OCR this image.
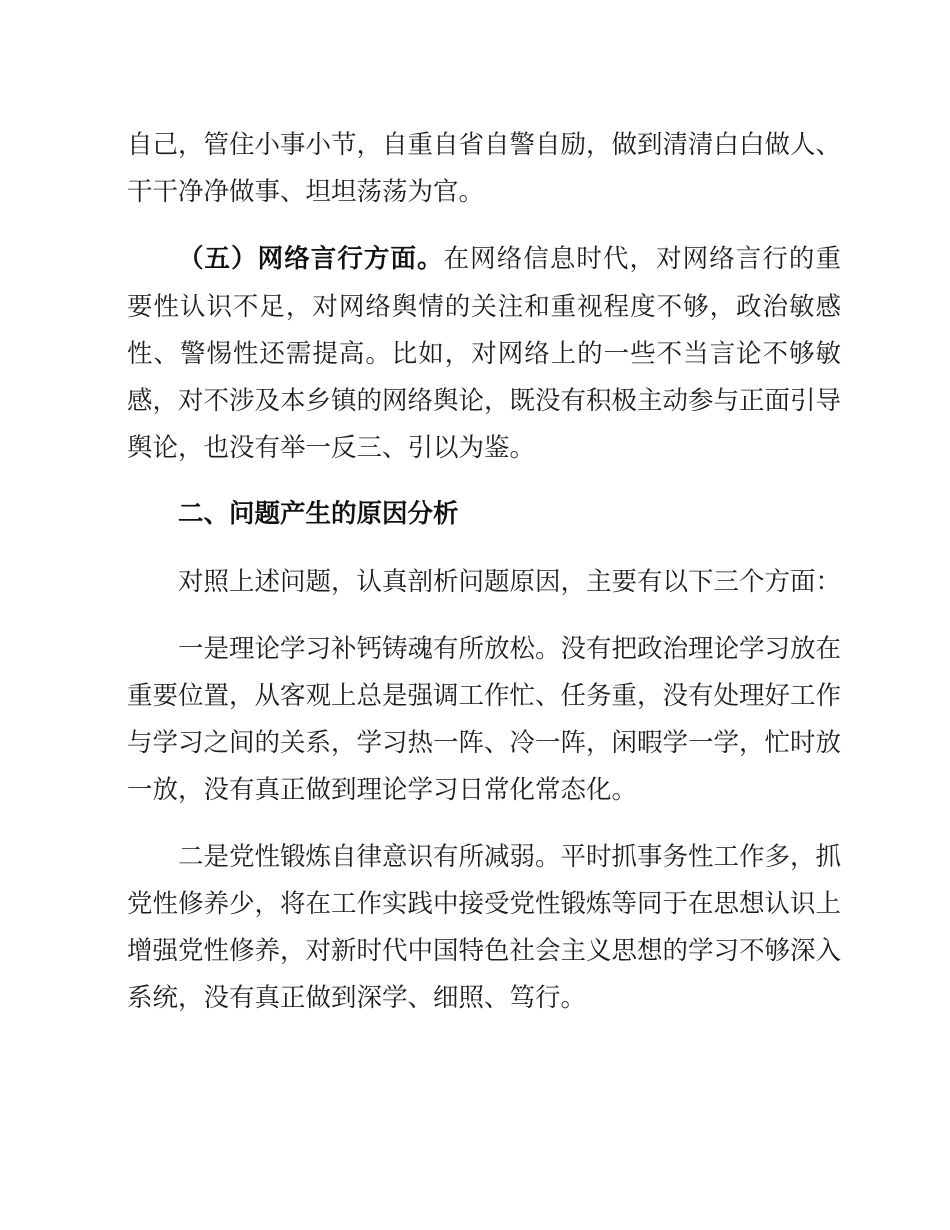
自己，管住小事小节，自重自省自警自励，做到清清白白做人、干干净净做事、坦坦荡荡为官。

（五）网络言行方面。在网络信息时代，对网络言行的重要性认识不足，对网络舆情的关注和重视程度不够，政治敏感性、警惕性还需提高。比如，对网络上的一些不当言论不够敏感，对不涉及本乡镇的网络舆论，既没有积极主动参与正面引导舆论，也没有举一反三、引以为鉴。

二、问题产生的原因分析

对照上述问题，认真剖析问题原因，主要有以下三个方面：

一是理论学习补钙铸魂有所放松。没有把政治理论学习放在重要位置，从客观上总是强调工作忙、任务重，没有处理好工作与学习之间的关系，学习热一阵、冷一阵，闲暇学一学，忙时放一放，没有真正做到理论学习日常化常态化。

二是党性锻炼自律意识有所减弱。平时抓事务性工作多，抓党性修养少，将在工作实践中接受党性锻炼等同于在思想认识上增强党性修养，对新时代中国特色社会主义思想的学习不够深入系统，没有真正做到深学、细照、笃行。
